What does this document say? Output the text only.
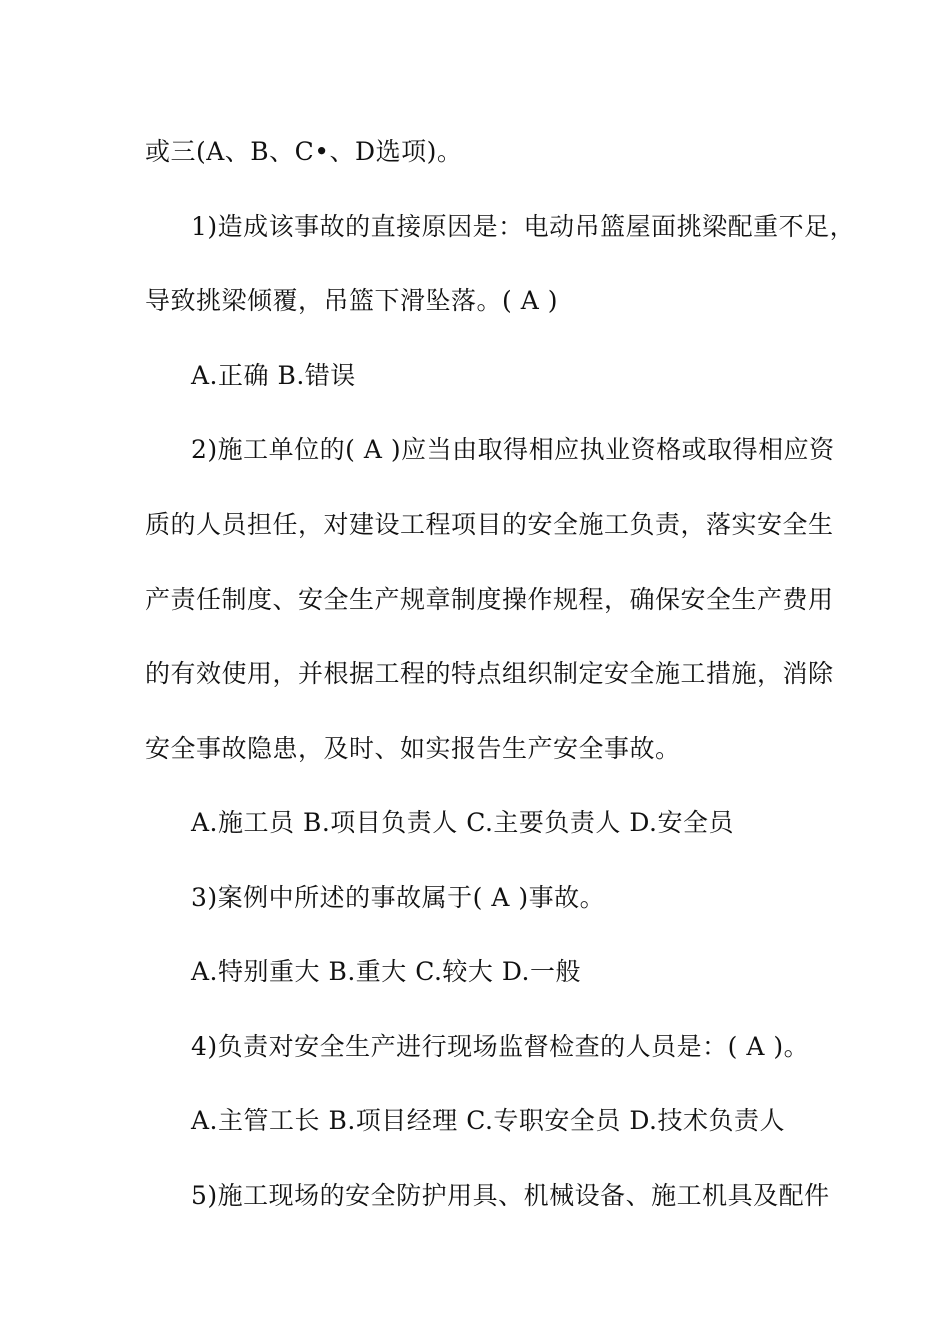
或三(A、B、C•、D选项)。
1)造成该事故的直接原因是：电动吊篮屋面挑梁配重不足，
导致挑梁倾覆，吊篮下滑坠落。( A )
A.正确 B.错误
2)施工单位的( A )应当由取得相应执业资格或取得相应资
质的人员担任，对建设工程项目的安全施工负责，落实安全生
产责任制度、安全生产规章制度操作规程，确保安全生产费用
的有效使用，并根据工程的特点组织制定安全施工措施，消除
安全事故隐患，及时、如实报告生产安全事故。
A.施工员 B.项目负责人 C.主要负责人 D.安全员
3)案例中所述的事故属于( A )事故。
A.特别重大 B.重大 C.较大 D.一般
4)负责对安全生产进行现场监督检查的人员是：( A )。
A.主管工长 B.项目经理 C.专职安全员 D.技术负责人
5)施工现场的安全防护用具、机械设备、施工机具及配件
